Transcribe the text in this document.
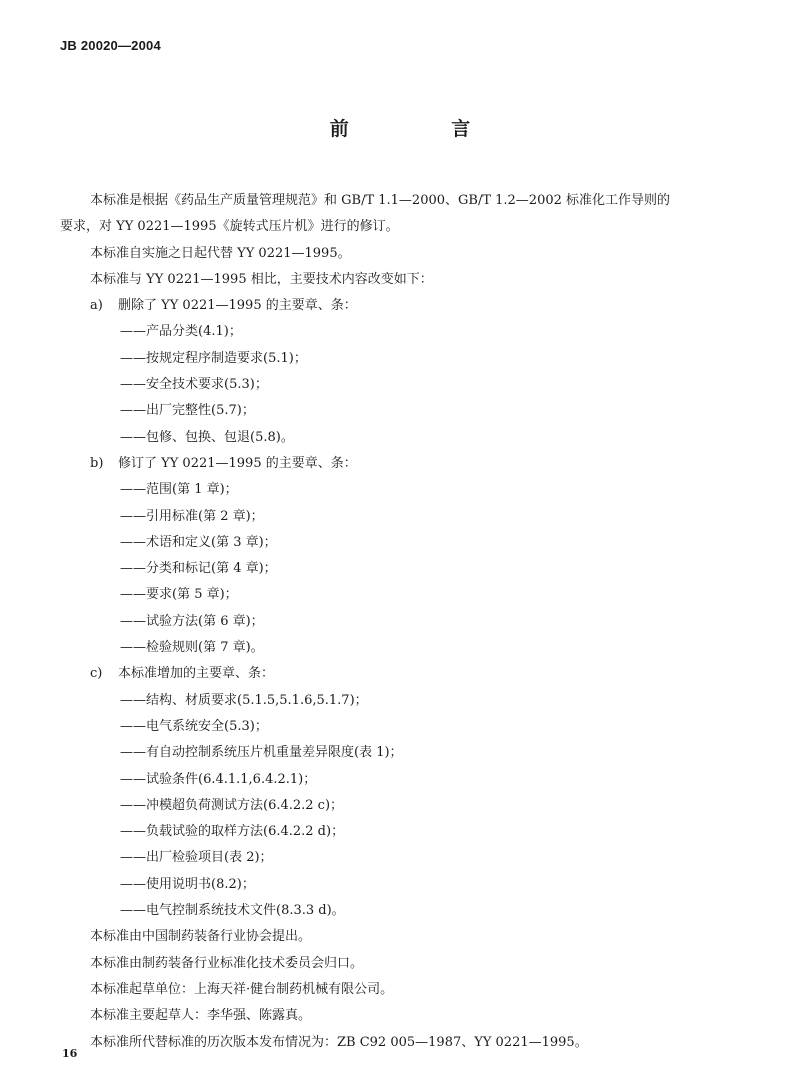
JB 20020—2004
前 言
本标准是根据《药品生产质量管理规范》和 GB/T 1.1—2000、GB/T 1.2—2002 标准化工作导则的
要求，对 YY 0221—1995《旋转式压片机》进行的修订。
本标准自实施之日起代替 YY 0221—1995。
本标准与 YY 0221—1995 相比，主要技术内容改变如下：
a) 删除了 YY 0221—1995 的主要章、条：
——产品分类(4.1)；
——按规定程序制造要求(5.1)；
——安全技术要求(5.3)；
——出厂完整性(5.7)；
——包修、包换、包退(5.8)。
b) 修订了 YY 0221—1995 的主要章、条：
——范围(第 1 章)；
——引用标准(第 2 章)；
——术语和定义(第 3 章)；
——分类和标记(第 4 章)；
——要求(第 5 章)；
——试验方法(第 6 章)；
——检验规则(第 7 章)。
c) 本标准增加的主要章、条：
——结构、材质要求(5.1.5,5.1.6,5.1.7)；
——电气系统安全(5.3)；
——有自动控制系统压片机重量差异限度(表 1)；
——试验条件(6.4.1.1,6.4.2.1)；
——冲模超负荷测试方法(6.4.2.2 c)；
——负载试验的取样方法(6.4.2.2 d)；
——出厂检验项目(表 2)；
——使用说明书(8.2)；
——电气控制系统技术文件(8.3.3 d)。
本标准由中国制药装备行业协会提出。
本标准由制药装备行业标准化技术委员会归口。
本标准起草单位：上海天祥·健台制药机械有限公司。
本标准主要起草人：李华强、陈露真。
本标准所代替标准的历次版本发布情况为：ZB C92 005—1987、YY 0221—1995。
16
